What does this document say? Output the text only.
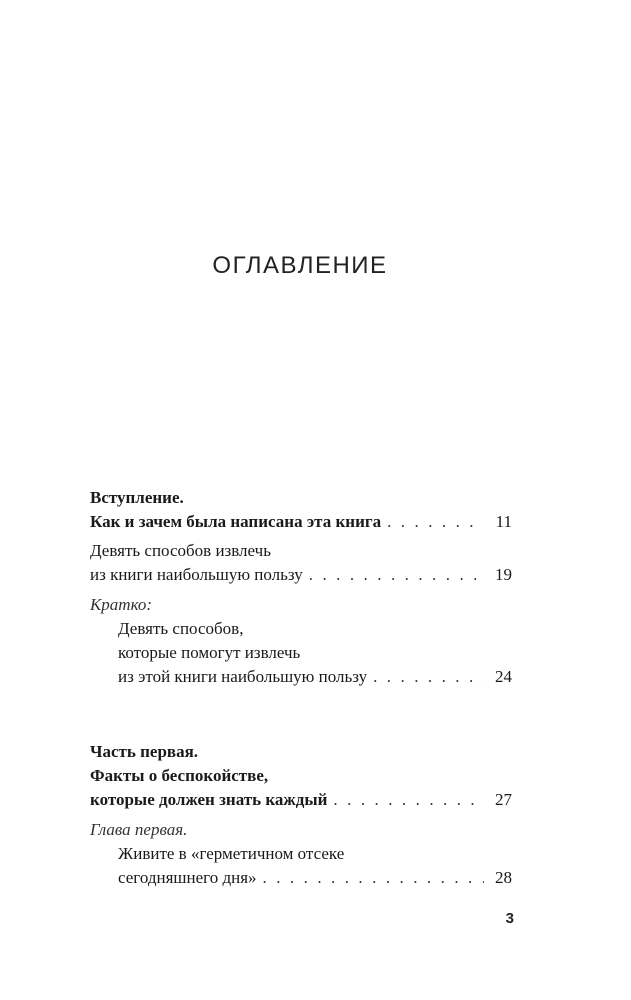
ОГЛАВЛЕНИЕ
Вступление.
Как и зачем была написана эта книга . . .	11
Девять способов извлечь
из книги наибольшую пользу . . .	19
Кратко:
Девять способов,
которые помогут извлечь
из этой книги наибольшую пользу . . .	24
Часть первая.
Факты о беспокойстве,
которые должен знать каждый . . .	27
Глава первая.
Живите в «герметичном отсеке
сегодняшнего дня» . . .	28
3
